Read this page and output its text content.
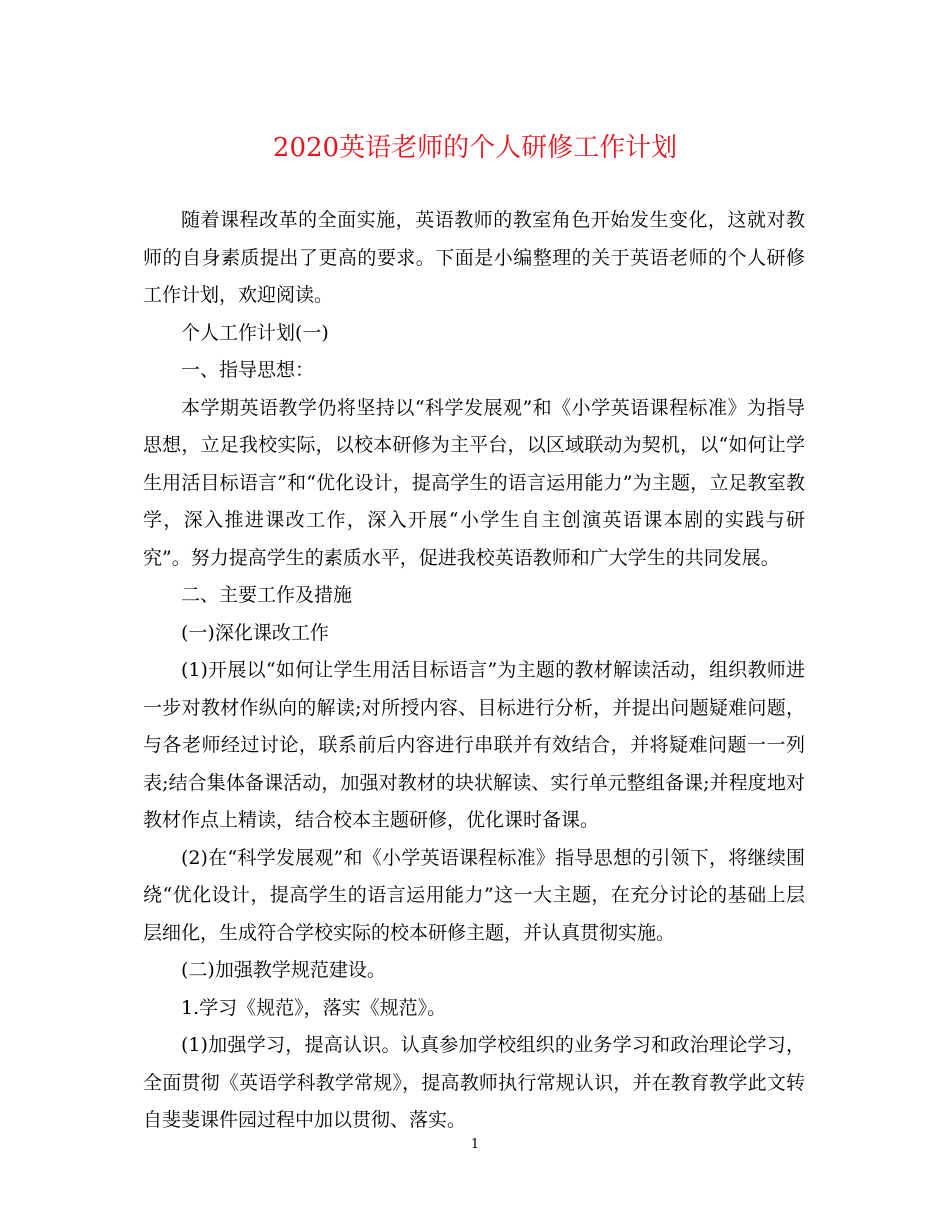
2020英语老师的个人研修工作计划

随着课程改革的全面实施，英语教师的教室角色开始发生变化，这就对教师的自身素质提出了更高的要求。下面是小编整理的关于英语老师的个人研修工作计划，欢迎阅读。

个人工作计划(一)

一、指导思想：

本学期英语教学仍将坚持以“科学发展观”和《小学英语课程标准》为指导思想，立足我校实际，以校本研修为主平台，以区域联动为契机，以“如何让学生用活目标语言”和“优化设计，提高学生的语言运用能力”为主题，立足教室教学，深入推进课改工作，深入开展“小学生自主创演英语课本剧的实践与研究”。努力提高学生的素质水平，促进我校英语教师和广大学生的共同发展。

二、主要工作及措施

(一)深化课改工作

(1)开展以“如何让学生用活目标语言”为主题的教材解读活动，组织教师进一步对教材作纵向的解读;对所授内容、目标进行分析，并提出问题疑难问题，与各老师经过讨论，联系前后内容进行串联并有效结合，并将疑难问题一一列表;结合集体备课活动，加强对教材的块状解读、实行单元整组备课;并程度地对教材作点上精读，结合校本主题研修，优化课时备课。

(2)在“科学发展观”和《小学英语课程标准》指导思想的引领下，将继续围绕“优化设计，提高学生的语言运用能力”这一大主题，在充分讨论的基础上层层细化，生成符合学校实际的校本研修主题，并认真贯彻实施。

(二)加强教学规范建设。

1.学习《规范》，落实《规范》。

(1)加强学习，提高认识。认真参加学校组织的业务学习和政治理论学习，全面贯彻《英语学科教学常规》，提高教师执行常规认识，并在教育教学此文转自斐斐课件园过程中加以贯彻、落实。

1
